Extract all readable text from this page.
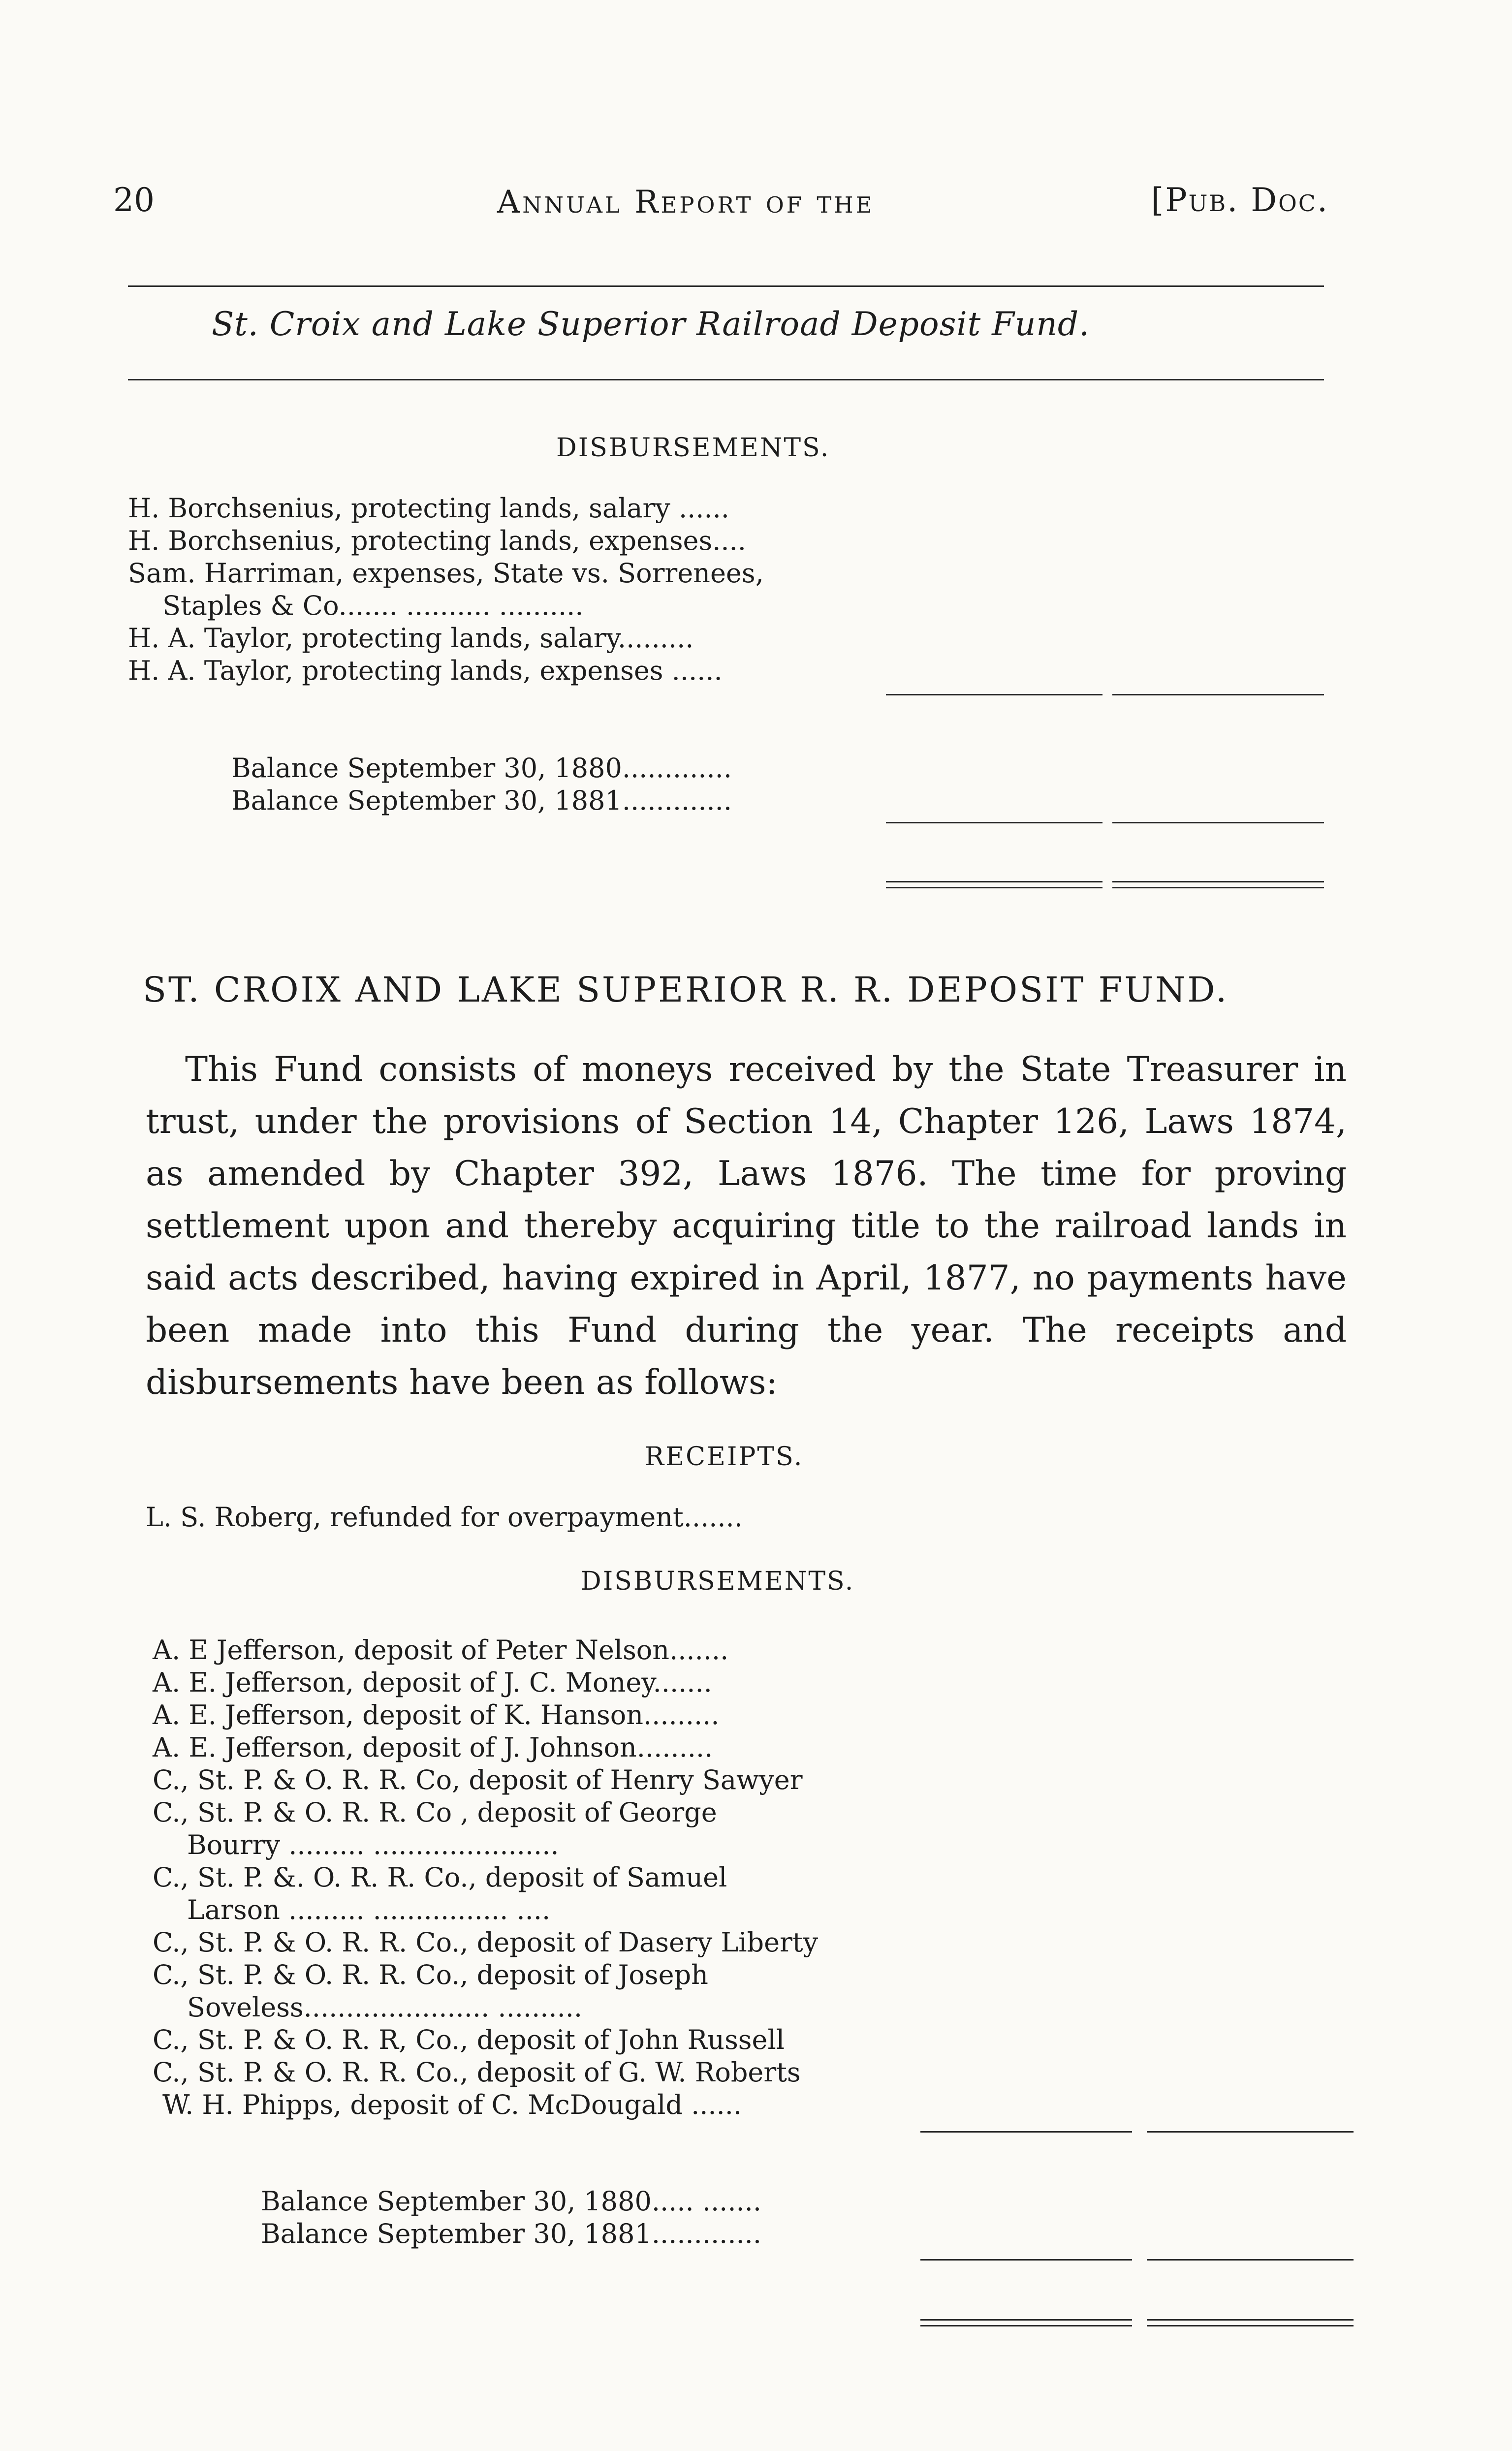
20	Annual Report of the	[Pub. Doc.
St. Croix and Lake Superior Railroad Deposit Fund.
DISBURSEMENTS.
H. Borchsenius, protecting lands, salary ......
H. Borchsenius, protecting lands, expenses....
Sam. Harriman, expenses, State vs. Sorrenees,
Staples & Co....... .......... ..........
H. A. Taylor, protecting lands, salary.........
H. A. Taylor, protecting lands, expenses ......
Balance September 30, 1880.............
Balance September 30, 1881.............
ST. CROIX AND LAKE SUPERIOR R. R. DEPOSIT FUND.

This Fund consists of moneys received by the State Treasurer in trust, under the provisions of Section 14, Chapter 126, Laws 1874, as amended by Chapter 392, Laws 1876. The time for proving settlement upon and thereby acquiring title to the railroad lands in said acts described, having expired in April, 1877, no payments have been made into this Fund during the year. The receipts and disbursements have been as follows:

RECEIPTS.
L. S. Roberg, refunded for overpayment.......
DISBURSEMENTS.
A. E Jefferson, deposit of Peter Nelson.......
A. E. Jefferson, deposit of J. C. Money.......
A. E. Jefferson, deposit of K. Hanson.........
A. E. Jefferson, deposit of J. Johnson.........
C., St. P. & O. R. R. Co, deposit of Henry Sawyer
C., St. P. & O. R. R. Co , deposit of George
Bourry ......... ......................
C., St. P. &. O. R. R. Co., deposit of Samuel
Larson ......... ................ ....
C., St. P. & O. R. R. Co., deposit of Dasery Liberty
C., St. P. & O. R. R. Co., deposit of Joseph
Soveless...................... ..........
C., St. P. & O. R. R, Co., deposit of John Russell
C., St. P. & O. R. R. Co., deposit of G. W. Roberts
W. H. Phipps, deposit of C. McDougald ......
Balance September 30, 1880..... .......
Balance September 30, 1881.............
